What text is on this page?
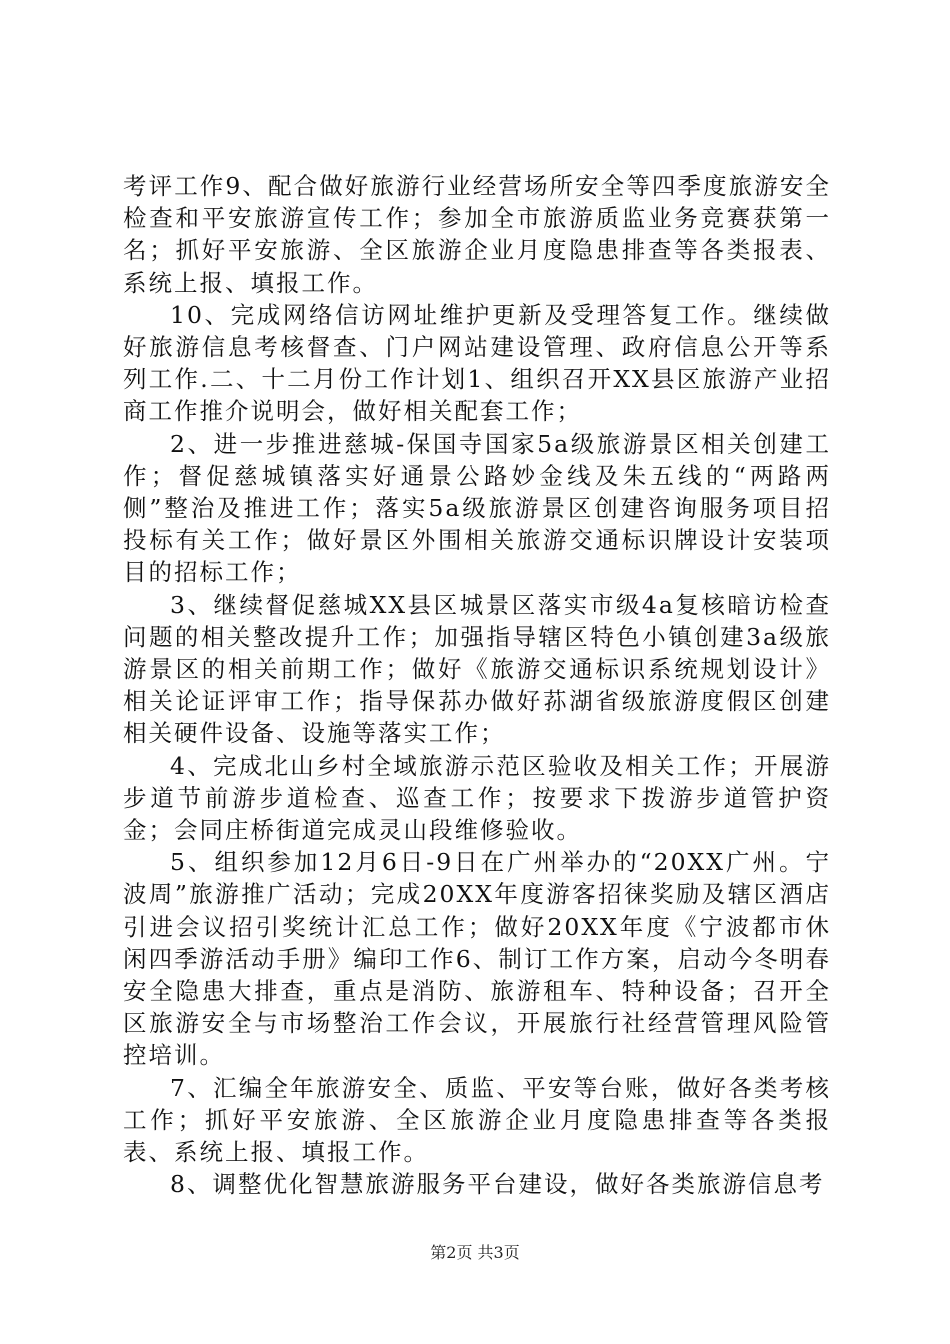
考评工作9、配合做好旅游行业经营场所安全等四季度旅游安全检查和平安旅游宣传工作；参加全市旅游质监业务竞赛获第一名；抓好平安旅游、全区旅游企业月度隐患排查等各类报表、系统上报、填报工作。

10、完成网络信访网址维护更新及受理答复工作。继续做好旅游信息考核督查、门户网站建设管理、政府信息公开等系列工作.二、十二月份工作计划1、组织召开XX县区旅游产业招商工作推介说明会，做好相关配套工作；

2、进一步推进慈城-保国寺国家5a级旅游景区相关创建工作；督促慈城镇落实好通景公路妙金线及朱五线的“两路两侧”整治及推进工作；落实5a级旅游景区创建咨询服务项目招投标有关工作；做好景区外围相关旅游交通标识牌设计安装项目的招标工作；

3、继续督促慈城XX县区城景区落实市级4a复核暗访检查问题的相关整改提升工作；加强指导辖区特色小镇创建3a级旅游景区的相关前期工作；做好《旅游交通标识系统规划设计》相关论证评审工作；指导保荪办做好荪湖省级旅游度假区创建相关硬件设备、设施等落实工作；

4、完成北山乡村全域旅游示范区验收及相关工作；开展游步道节前游步道检查、巡查工作；按要求下拨游步道管护资金；会同庄桥街道完成灵山段维修验收。

5、组织参加12月6日-9日在广州举办的“20XX广州。宁波周”旅游推广活动；完成20XX年度游客招徕奖励及辖区酒店引进会议招引奖统计汇总工作；做好20XX年度《宁波都市休闲四季游活动手册》编印工作6、制订工作方案，启动今冬明春安全隐患大排查，重点是消防、旅游租车、特种设备；召开全区旅游安全与市场整治工作会议，开展旅行社经营管理风险管控培训。

7、汇编全年旅游安全、质监、平安等台账，做好各类考核工作；抓好平安旅游、全区旅游企业月度隐患排查等各类报表、系统上报、填报工作。

8、调整优化智慧旅游服务平台建设，做好各类旅游信息考

第2页 共3页
